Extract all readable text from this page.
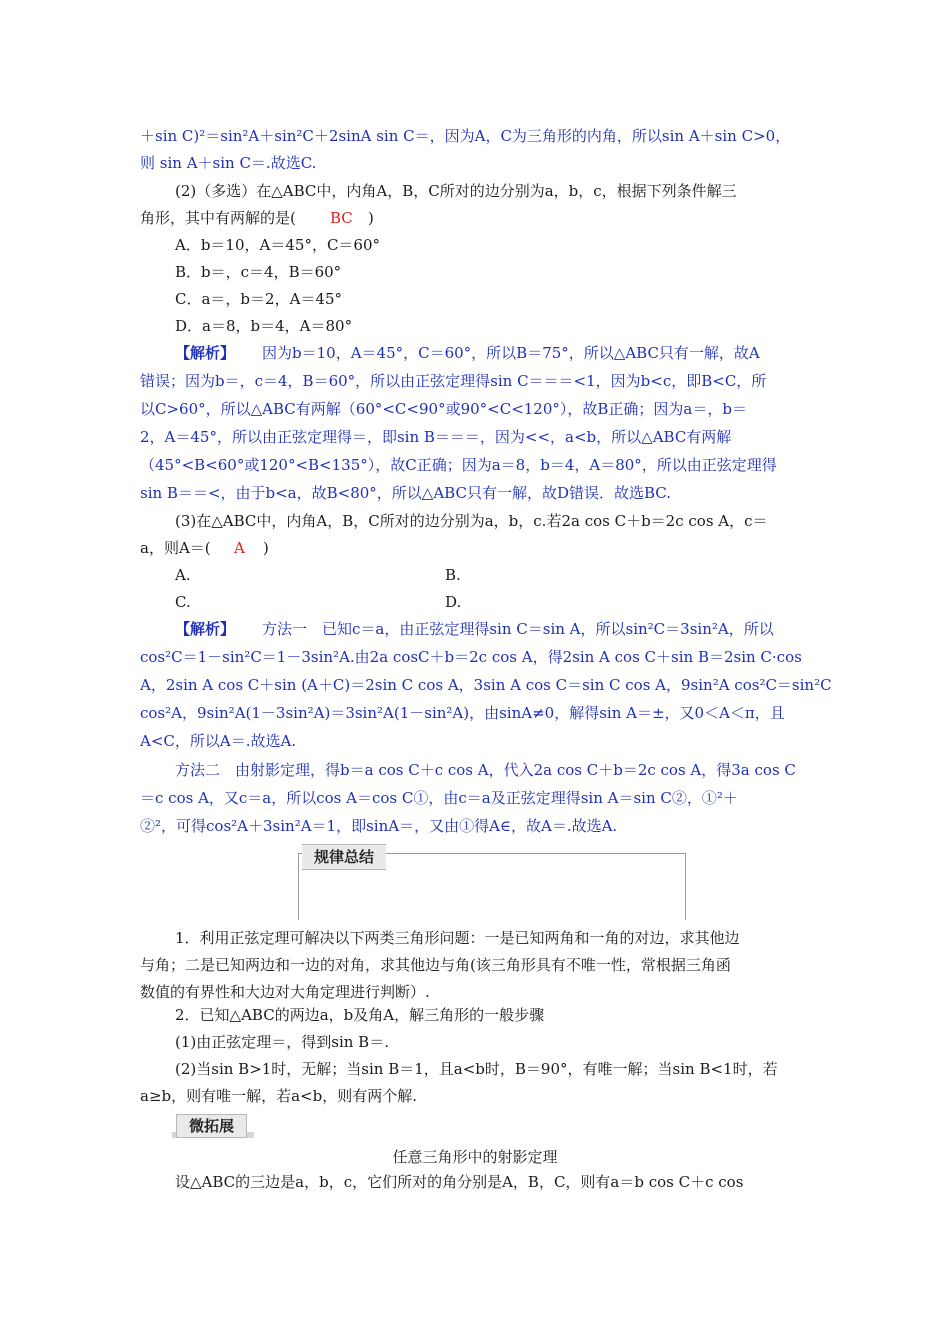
规律总结
微拓展
任意三角形中的射影定理
＋sin C)²＝sin²A＋sin²C＋2sinA sin C＝，因为A，C为三角形的内角，所以sin A＋sin C>0，
则 sin A＋sin C＝.故选C.
(2)（多选）在△ABC中，内角A，B，C所对的边分别为a，b，c，根据下列条件解三
角形，其中有两解的是( BC )
A．b＝10，A＝45°，C＝60°
B．b＝，c＝4，B＝60°
C．a＝，b＝2，A＝45°
D．a＝8，b＝4，A＝80°
因为b＝10，A＝45°，C＝60°，所以B＝75°，所以△ABC只有一解，故A
错误；因为b＝，c＝4，B＝60°，所以由正弦定理得sin C＝＝＝<1，因为b<c，即B<C，所
以C>60°，所以△ABC有两解（60°<C<90°或90°<C<120°），故B正确；因为a＝，b＝
2，A＝45°，所以由正弦定理得＝，即sin B＝＝＝，因为<<，a<b，所以△ABC有两解
（45°<B<60°或120°<B<135°），故C正确；因为a＝8，b＝4，A＝80°，所以由正弦定理得
sin B＝＝<，由于b<a，故B<80°，所以△ABC只有一解，故D错误．故选BC.
(3)在△ABC中，内角A，B，C所对的边分别为a，b，c.若2a cos C＋b＝2c cos A，c＝
a，则A＝( A )
A.	B.
C.	D.
方法一　已知c＝a，由正弦定理得sin C＝sin A，所以sin²C＝3sin²A，所以
cos²C＝1－sin²C＝1－3sin²A.由2a cosC＋b＝2c cos A，得2sin A cos C＋sin B＝2sin C·cos
A，2sin A cos C＋sin (A＋C)＝2sin C cos A，3sin A cos C＝sin C cos A，9sin²A cos²C＝sin²C
cos²A，9sin²A(1－3sin²A)＝3sin²A(1－sin²A)，由sinA≠0，解得sin A＝±，又0＜A＜π，且
A<C，所以A＝.故选A.
方法二　由射影定理，得b＝a cos C＋c cos A，代入2a cos C＋b＝2c cos A，得3a cos C
＝c cos A，又c＝a，所以cos A＝cos C①，由c＝a及正弦定理得sin A＝sin C②，①²＋
②²，可得cos²A＋3sin²A＝1，即sinA＝，又由①得A∈，故A＝.故选A.
1．利用正弦定理可解决以下两类三角形问题：一是已知两角和一角的对边，求其他边
与角；二是已知两边和一边的对角，求其他边与角(该三角形具有不唯一性，常根据三角函
数值的有界性和大边对大角定理进行判断）.
2．已知△ABC的两边a，b及角A，解三角形的一般步骤
(1)由正弦定理＝，得到sin B＝.
(2)当sin B>1时，无解；当sin B＝1，且a<b时，B＝90°，有唯一解；当sin B<1时，若
a≥b，则有唯一解，若a<b，则有两个解.
设△ABC的三边是a，b，c，它们所对的角分别是A，B，C，则有a＝b cos C＋c cos
【解析】
【解析】
